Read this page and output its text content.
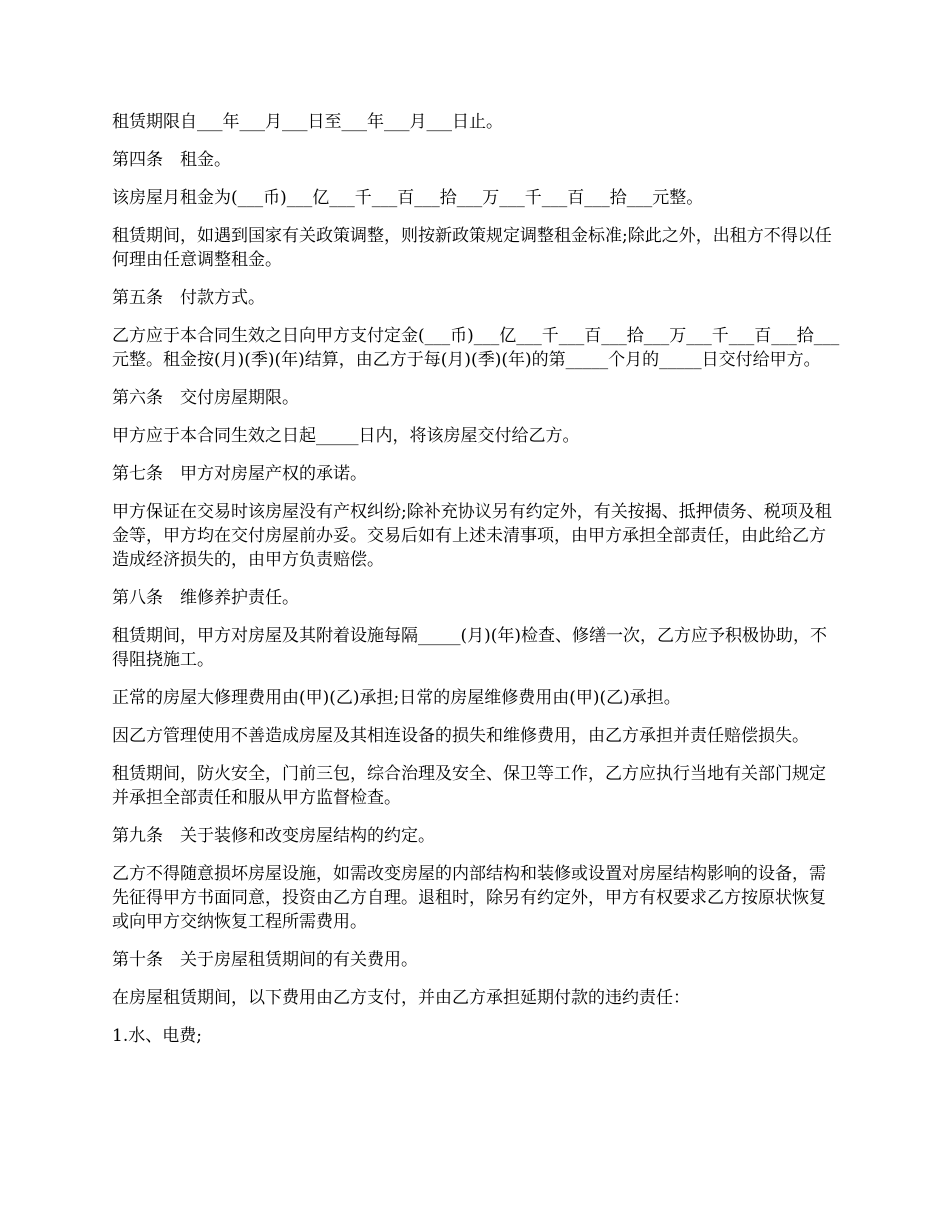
租赁期限自___年___月___日至___年___月___日止。

第四条　租金。

该房屋月租金为(___币)___亿___千___百___拾___万___千___百___拾___元整。

租赁期间，如遇到国家有关政策调整，则按新政策规定调整租金标准;除此之外，出租方不得以任何理由任意调整租金。

第五条　付款方式。

乙方应于本合同生效之日向甲方支付定金(___币)___亿___千___百___拾___万___千___百___拾___元整。租金按(月)(季)(年)结算，由乙方于每(月)(季)(年)的第_____个月的_____日交付给甲方。

第六条　交付房屋期限。

甲方应于本合同生效之日起_____日内，将该房屋交付给乙方。

第七条　甲方对房屋产权的承诺。

甲方保证在交易时该房屋没有产权纠纷;除补充协议另有约定外，有关按揭、抵押债务、税项及租金等，甲方均在交付房屋前办妥。交易后如有上述未清事项，由甲方承担全部责任，由此给乙方造成经济损失的，由甲方负责赔偿。

第八条　维修养护责任。

租赁期间，甲方对房屋及其附着设施每隔_____(月)(年)检查、修缮一次，乙方应予积极协助，不得阻挠施工。

正常的房屋大修理费用由(甲)(乙)承担;日常的房屋维修费用由(甲)(乙)承担。

因乙方管理使用不善造成房屋及其相连设备的损失和维修费用，由乙方承担并责任赔偿损失。

租赁期间，防火安全，门前三包，综合治理及安全、保卫等工作，乙方应执行当地有关部门规定并承担全部责任和服从甲方监督检查。

第九条　关于装修和改变房屋结构的约定。

乙方不得随意损坏房屋设施，如需改变房屋的内部结构和装修或设置对房屋结构影响的设备，需先征得甲方书面同意，投资由乙方自理。退租时，除另有约定外，甲方有权要求乙方按原状恢复或向甲方交纳恢复工程所需费用。

第十条　关于房屋租赁期间的有关费用。

在房屋租赁期间，以下费用由乙方支付，并由乙方承担延期付款的违约责任：

1.水、电费;
